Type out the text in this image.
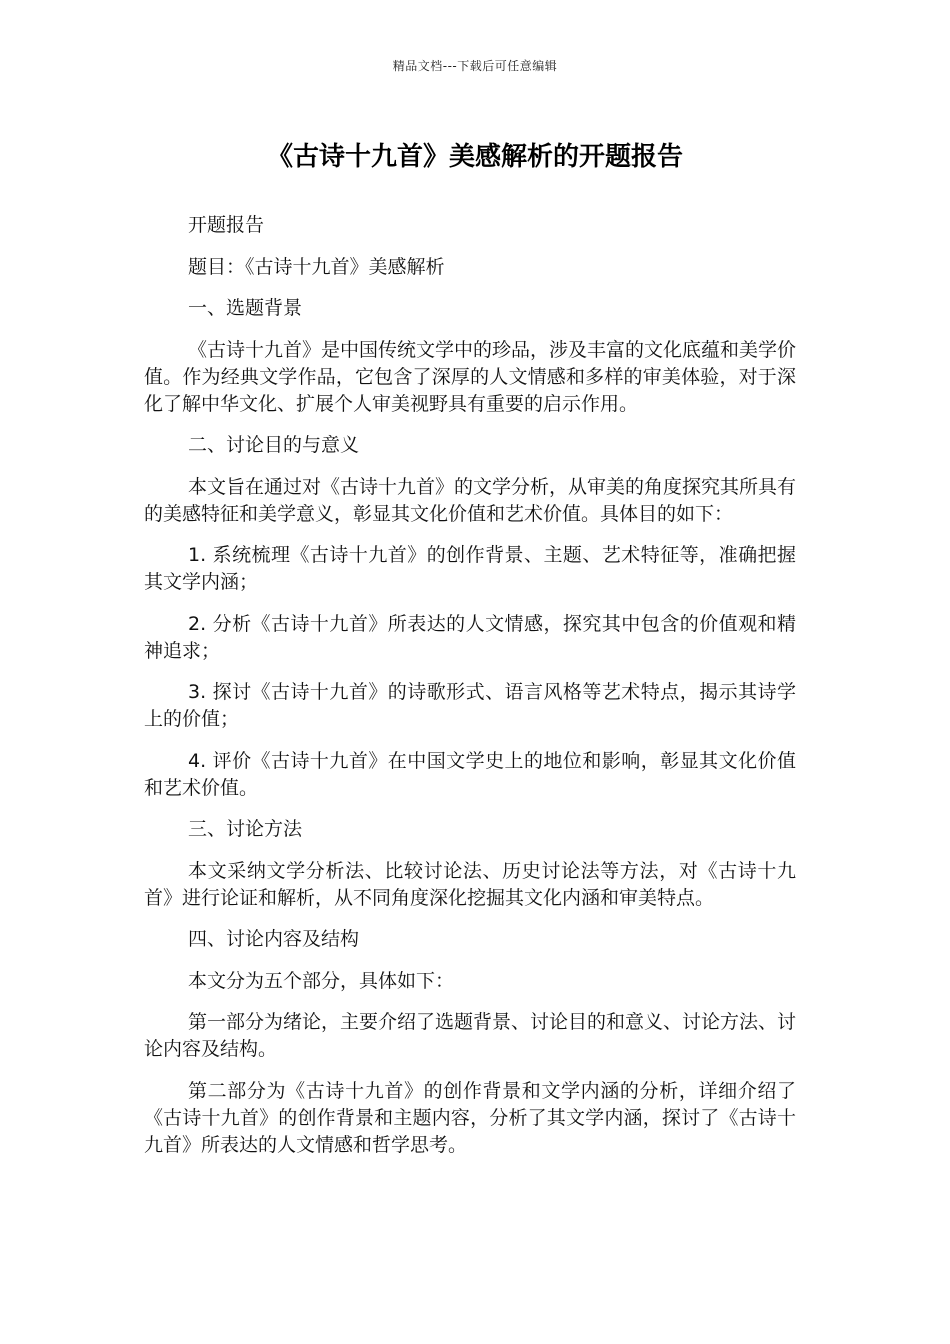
精品文档---下载后可任意编辑
《古诗十九首》美感解析的开题报告

开题报告

题目：《古诗十九首》美感解析

一、选题背景

《古诗十九首》是中国传统文学中的珍品，涉及丰富的文化底蕴和美学价值。作为经典文学作品，它包含了深厚的人文情感和多样的审美体验，对于深化了解中华文化、扩展个人审美视野具有重要的启示作用。

二、讨论目的与意义

本文旨在通过对《古诗十九首》的文学分析，从审美的角度探究其所具有的美感特征和美学意义，彰显其文化价值和艺术价值。具体目的如下：

1. 系统梳理《古诗十九首》的创作背景、主题、艺术特征等，准确把握其文学内涵；

2. 分析《古诗十九首》所表达的人文情感，探究其中包含的价值观和精神追求；

3. 探讨《古诗十九首》的诗歌形式、语言风格等艺术特点，揭示其诗学上的价值；

4. 评价《古诗十九首》在中国文学史上的地位和影响，彰显其文化价值和艺术价值。

三、讨论方法

本文采纳文学分析法、比较讨论法、历史讨论法等方法，对《古诗十九首》进行论证和解析，从不同角度深化挖掘其文化内涵和审美特点。

四、讨论内容及结构

本文分为五个部分，具体如下：

第一部分为绪论，主要介绍了选题背景、讨论目的和意义、讨论方法、讨论内容及结构。

第二部分为《古诗十九首》的创作背景和文学内涵的分析，详细介绍了《古诗十九首》的创作背景和主题内容，分析了其文学内涵，探讨了《古诗十九首》所表达的人文情感和哲学思考。
